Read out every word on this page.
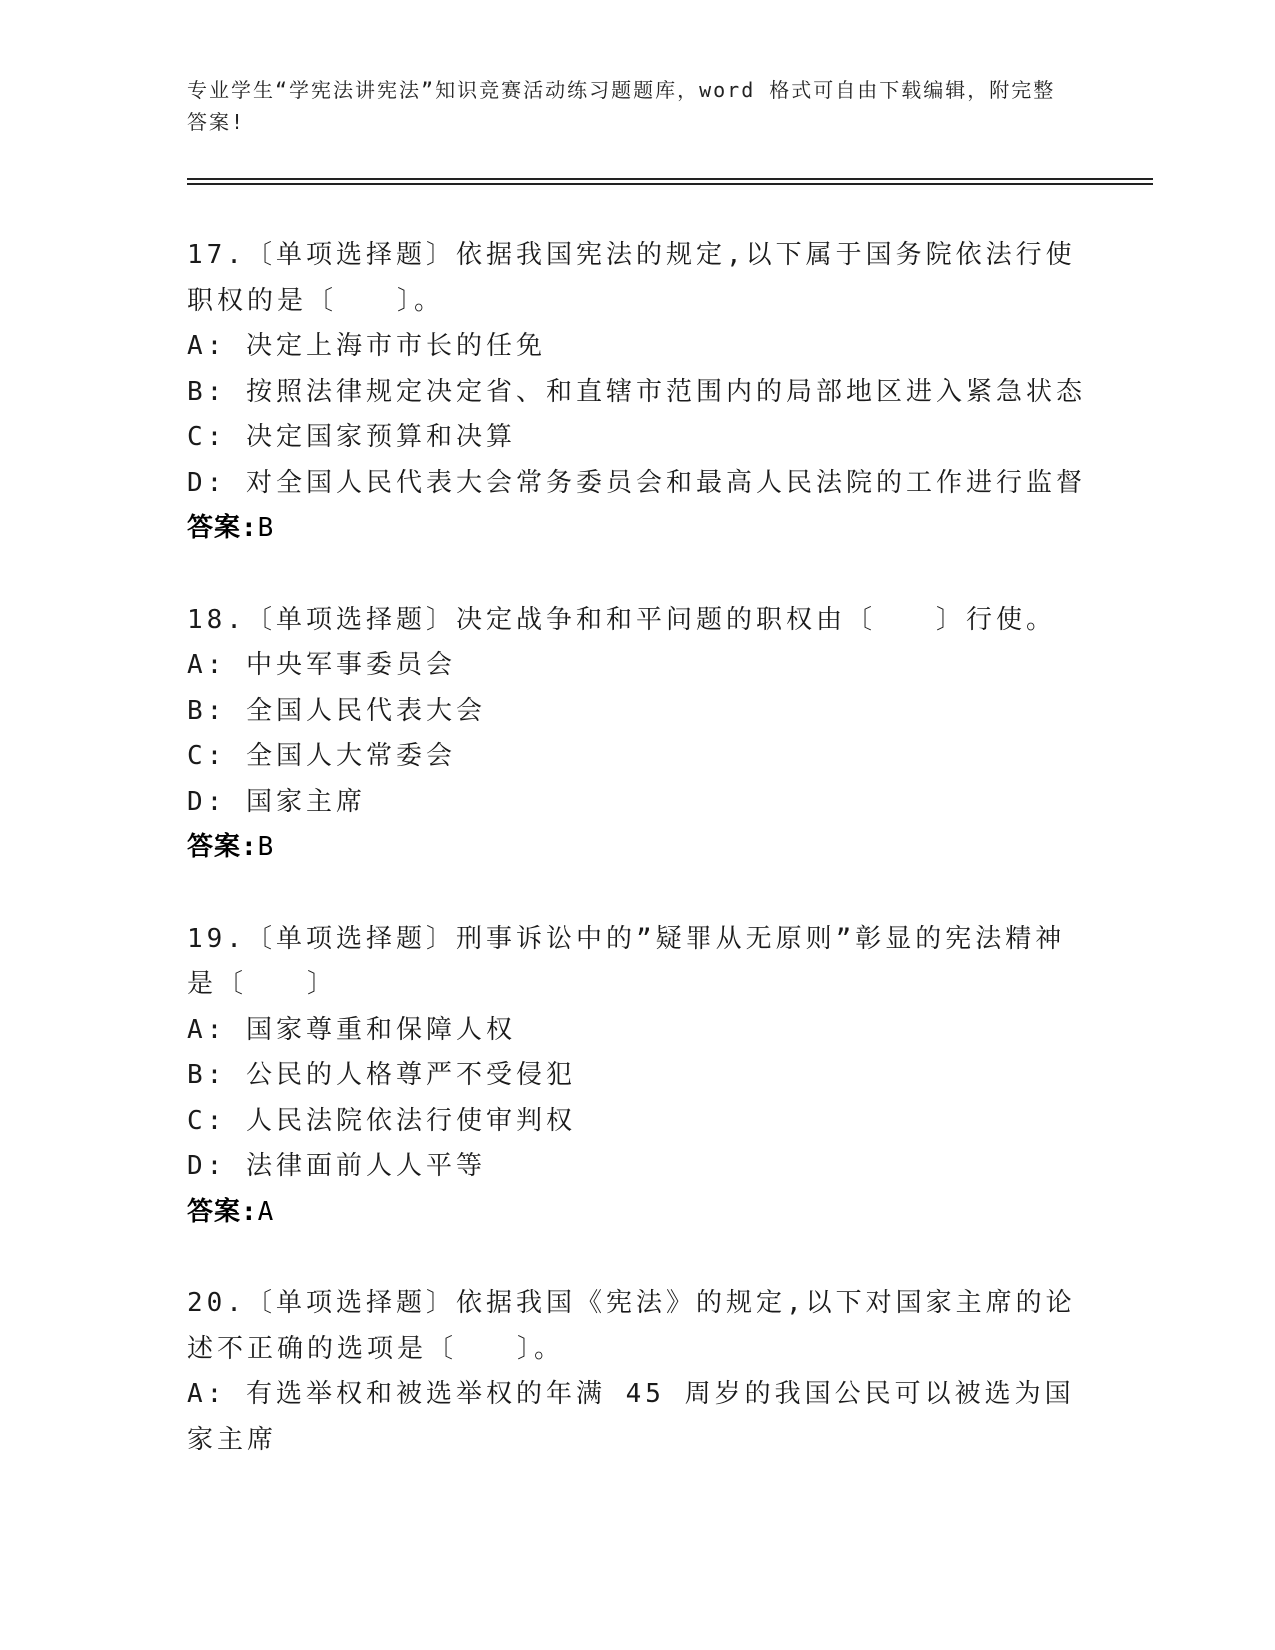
专业学生“学宪法讲宪法”知识竞赛活动练习题题库，word 格式可自由下载编辑，附完整答案!
17.〔单项选择题〕依据我国宪法的规定,以下属于国务院依法行使职权的是〔　　〕。
A: 决定上海市市长的任免
B: 按照法律规定决定省、和直辖市范围内的局部地区进入紧急状态
C: 决定国家预算和决算
D: 对全国人民代表大会常务委员会和最高人民法院的工作进行监督
答案:B
18.〔单项选择题〕决定战争和和平问题的职权由〔　　〕行使。
A: 中央军事委员会
B: 全国人民代表大会
C: 全国人大常委会
D: 国家主席
答案:B
19.〔单项选择题〕刑事诉讼中的”疑罪从无原则”彰显的宪法精神是〔　　〕
A: 国家尊重和保障人权
B: 公民的人格尊严不受侵犯
C: 人民法院依法行使审判权
D: 法律面前人人平等
答案:A
20.〔单项选择题〕依据我国《宪法》的规定,以下对国家主席的论述不正确的选项是〔　　〕。
A: 有选举权和被选举权的年满 45 周岁的我国公民可以被选为国家主席
